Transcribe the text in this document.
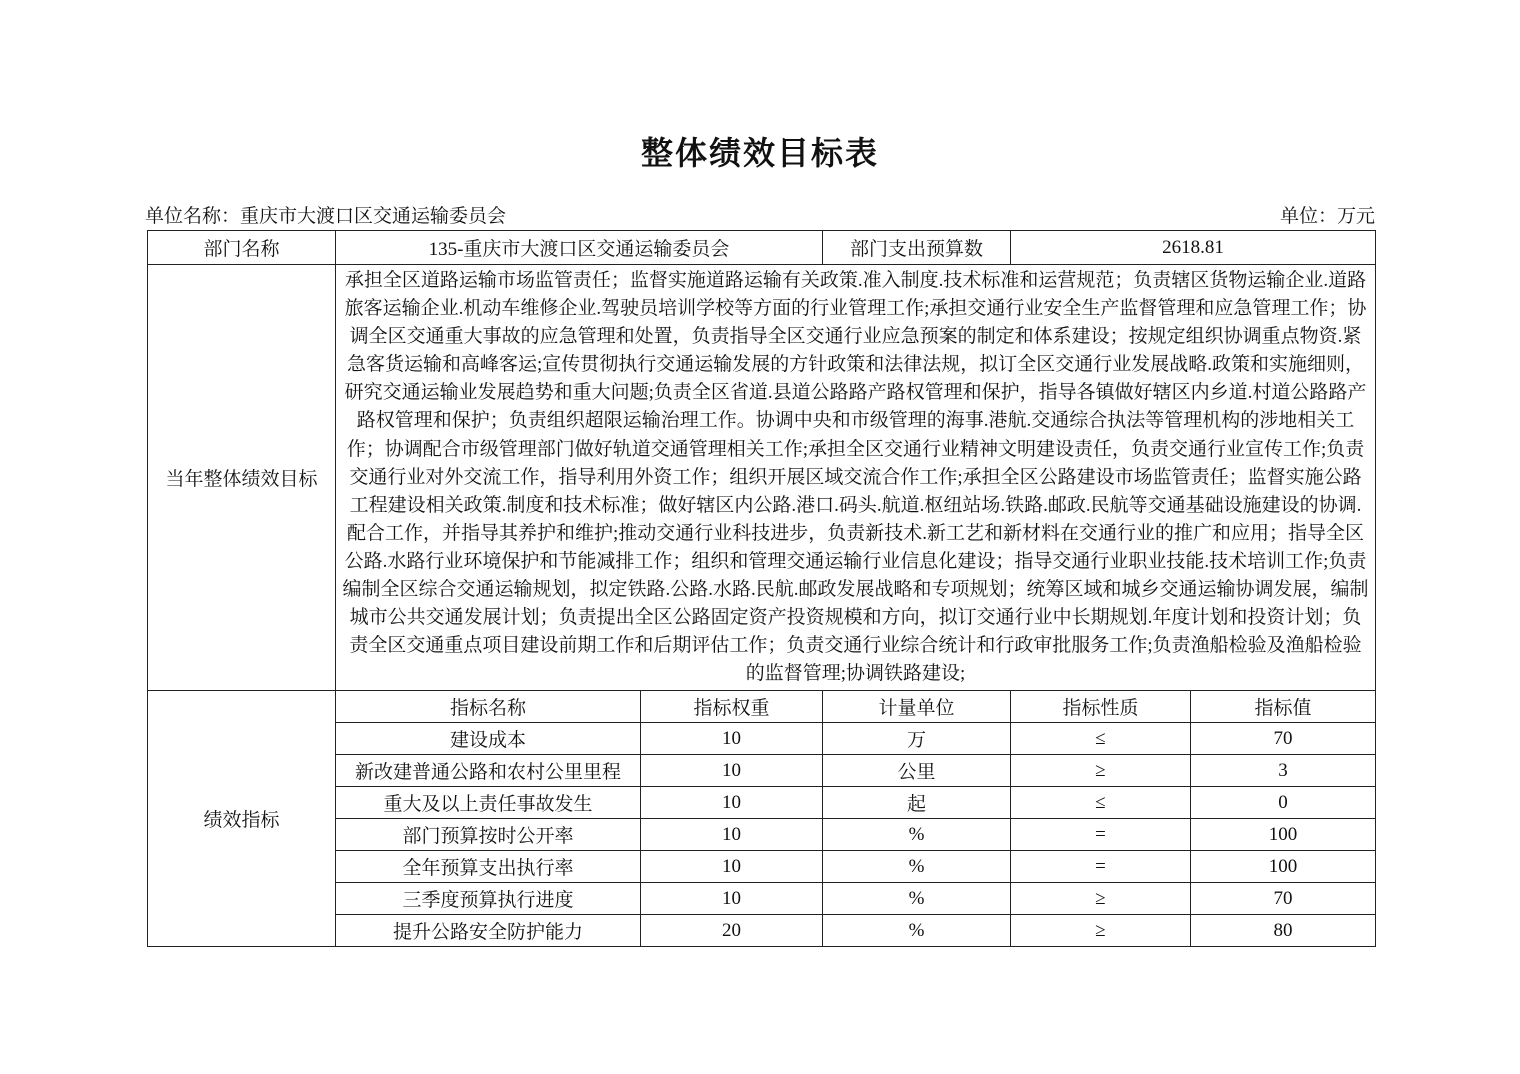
整体绩效目标表
单位名称：重庆市大渡口区交通运输委员会	单位：万元
部门名称	135-重庆市大渡口区交通运输委员会		部门支出预算数	2618.81	
当年整体绩效目标	承担全区道路运输市场监管责任；监督实施道路运输有关政策.准入制度.技术标准和运营规范；负责辖区货物运输企业.道路旅客运输企业.机动车维修企业.驾驶员培训学校等方面的行业管理工作;承担交通行业安全生产监督管理和应急管理工作；协调全区交通重大事故的应急管理和处置，负责指导全区交通行业应急预案的制定和体系建设；按规定组织协调重点物资.紧急客货运输和高峰客运;宣传贯彻执行交通运输发展的方针政策和法律法规，拟订全区交通行业发展战略.政策和实施细则，研究交通运输业发展趋势和重大问题;负责全区省道.县道公路路产路权管理和保护，指导各镇做好辖区内乡道.村道公路路产路权管理和保护；负责组织超限运输治理工作。协调中央和市级管理的海事.港航.交通综合执法等管理机构的涉地相关工作；协调配合市级管理部门做好轨道交通管理相关工作;承担全区交通行业精神文明建设责任，负责交通行业宣传工作;负责交通行业对外交流工作，指导利用外资工作；组织开展区域交流合作工作;承担全区公路建设市场监管责任；监督实施公路工程建设相关政策.制度和技术标准；做好辖区内公路.港口.码头.航道.枢纽站场.铁路.邮政.民航等交通基础设施建设的协调.配合工作，并指导其养护和维护;推动交通行业科技进步，负责新技术.新工艺和新材料在交通行业的推广和应用；指导全区公路.水路行业环境保护和节能减排工作；组织和管理交通运输行业信息化建设；指导交通行业职业技能.技术培训工作;负责编制全区综合交通运输规划，拟定铁路.公路.水路.民航.邮政发展战略和专项规划；统筹区域和城乡交通运输协调发展，编制城市公共交通发展计划；负责提出全区公路固定资产投资规模和方向，拟订交通行业中长期规划.年度计划和投资计划；负责全区交通重点项目建设前期工作和后期评估工作；负责交通行业综合统计和行政审批服务工作;负责渔船检验及渔船检验的监督管理;协调铁路建设;				
绩效指标	指标名称	指标权重	计量单位	指标性质	指标值
	建设成本	10	万	≤	70
	新改建普通公路和农村公里里程	10	公里	≥	3
	重大及以上责任事故发生	10	起	≤	0
	部门预算按时公开率	10	%	=	100
	全年预算支出执行率	10	%	=	100
	三季度预算执行进度	10	%	≥	70
	提升公路安全防护能力	20	%	≥	80
